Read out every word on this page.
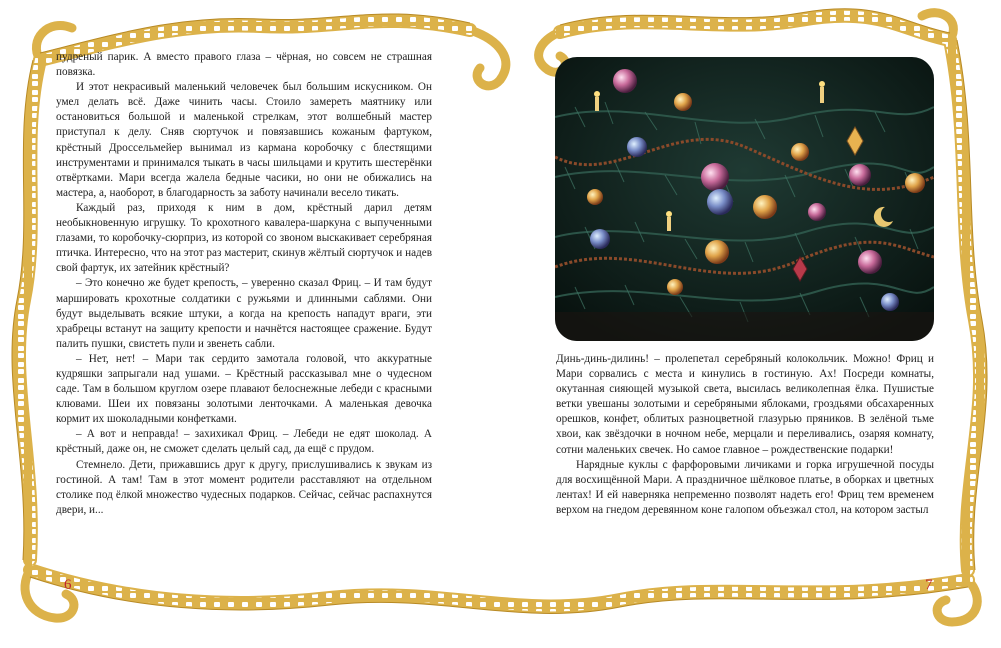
пудреный парик. А вместо правого глаза – чёрная, но совсем не страшная повязка.

И этот некрасивый маленький человечек был большим искусником. Он умел делать всё. Даже чинить часы. Стоило замереть маятнику или остановиться большой и маленькой стрелкам, этот волшебный мастер приступал к делу. Сняв сюртучок и повязавшись кожаным фартуком, крёстный Дроссельмейер вынимал из кармана коробочку с блестящими инструментами и принимался тыкать в часы шильцами и крутить шестерёнки отвёртками. Мари всегда жалела бедные часики, но они не обижались на мастера, а, наоборот, в благодарность за заботу начинали весело тикать.

Каждый раз, приходя к ним в дом, крёстный дарил детям необыкновенную игрушку. То крохотного кавалера-шаркуна с выпученными глазами, то коробочку-сюрприз, из которой со звоном выскакивает серебряная птичка. Интересно, что на этот раз мастерит, скинув жёлтый сюртучок и надев свой фартук, их затейник крёстный?

– Это конечно же будет крепость, – уверенно сказал Фриц. – И там будут маршировать крохотные солдатики с ружьями и длинными саблями. Они будут выделывать всякие штуки, а когда на крепость нападут враги, эти храбрецы встанут на защиту крепости и начнётся настоящее сражение. Будут палить пушки, свистеть пули и звенеть сабли.

– Нет, нет! – Мари так сердито замотала головой, что аккуратные кудряшки запрыгали над ушами. – Крёстный рассказывал мне о чудесном саде. Там в большом круглом озере плавают белоснежные лебеди с красными клювами. Шеи их повязаны золотыми ленточками. А маленькая девочка кормит их шоколадными конфетками.

– А вот и неправда! – захихикал Фриц. – Лебеди не едят шоколад. А крёстный, даже он, не сможет сделать целый сад, да ещё с прудом.

Стемнело. Дети, прижавшись друг к другу, прислушивались к звукам из гостиной. А там! Там в этот момент родители расставляют на отдельном столике под ёлкой множество чудесных подарков. Сейчас, сейчас распахнутся двери, и...

6

Динь-динь-дилинь! – пролепетал серебряный колокольчик. Можно! Фриц и Мари сорвались с места и кинулись в гостиную. Ах! Посреди комнаты, окутанная сияющей музыкой света, высилась великолепная ёлка. Пушистые ветки увешаны золотыми и серебряными яблоками, гроздьями обсахаренных орешков, конфет, облитых разноцветной глазурью пряников. В зелёной тьме хвои, как звёздочки в ночном небе, мерцали и переливались, озаряя комнату, сотни маленьких свечек. Но самое главное – рождественские подарки!

Нарядные куклы с фарфоровыми личиками и горка игрушечной посуды для восхищённой Мари. А праздничное шёлковое платье, в оборках и цветных лентах! И ей наверняка непременно позволят надеть его! Фриц тем временем верхом на гнедом деревянном коне галопом объезжал стол, на котором застыл

7
